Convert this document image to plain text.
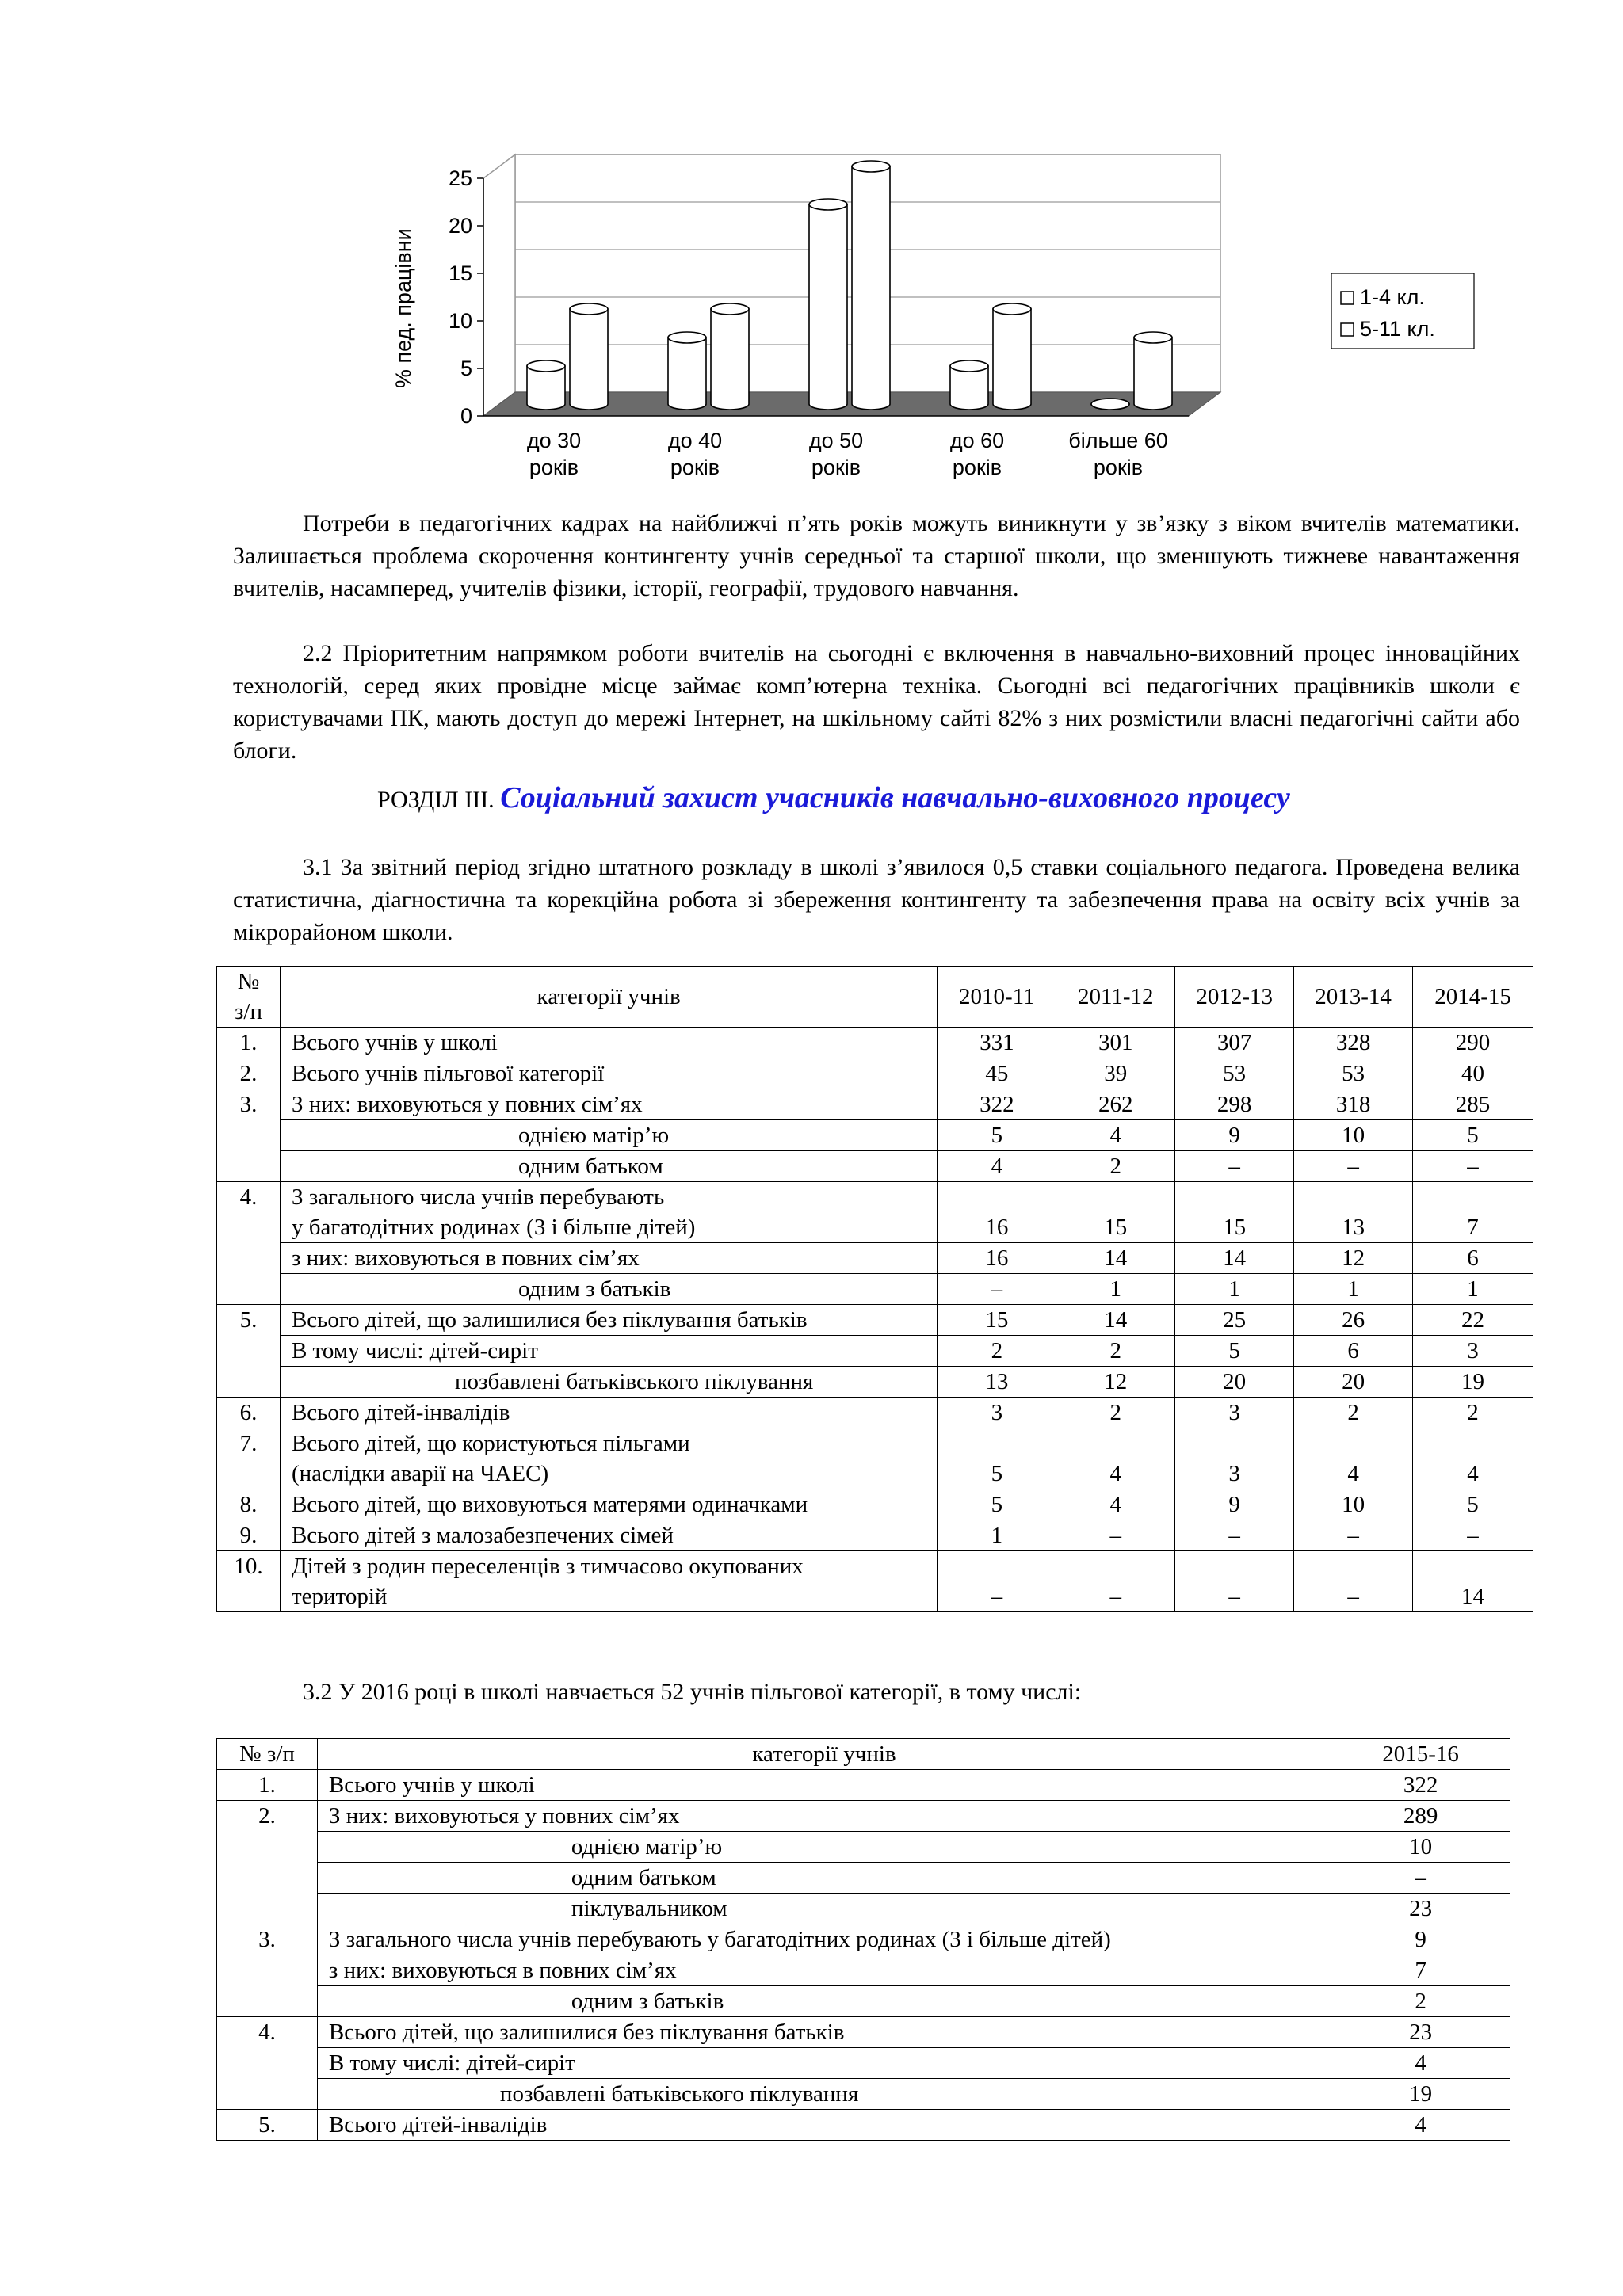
0
5
10
15
20
25
до 30
років
до 40
років
до 50
років
до 60
років
більше 60
років
% пед. працівни	1-4 кл.
5-11 кл.

Потреби в педагогічних кадрах на найближчі п’ять років можуть виникнути у зв’язку з віком вчителів математики. Залишається проблема скорочення контингенту учнів середньої та старшої школи, що зменшують тижневе навантаження вчителів, насамперед, учителів фізики, історії, географії, трудового навчання.

2.2 Пріоритетним напрямком роботи вчителів на сьогодні є включення в навчально-виховний процес інноваційних технологій, серед яких провідне місце займає комп’ютерна техніка. Сьогодні всі педагогічних працівників школи є користувачами ПК, мають доступ до мережі Інтернет, на шкільному сайті 82% з них розмістили власні педагогічні сайти або блоги.

РОЗДІЛ ІІІ. Соціальний захист учасників навчально-виховного процесу

3.1 За звітний період згідно штатного розкладу в школі з’явилося 0,5 ставки соціального педагога. Проведена велика статистична, діагностична та корекційна робота зі збереження контингенту та забезпечення права на освіту всіх учнів за мікрорайоном школи.

№
з/п	категорії учнів	2010-11	2011-12	2012-13	2013-14	2014-15
1.	Всього учнів у школі	331	301	307	328	290
2.	Всього учнів пільгової категорії	45	39	53	53	40
3.	З них: виховуються у повних сім’ях	322	262	298	318	285
	однією матір’ю	5	4	9	10	5
	одним батьком	4	2	–	–	–
4.	З загального числа учнів перебувають
у багатодітних родинах (3 і більше дітей)	16	15	15	13	7
	з них: виховуються в повних сім’ях	16	14	14	12	6
	одним з батьків	–	1	1	1	1
5.	Всього дітей, що залишилися без піклування батьків	15	14	25	26	22
	В тому числі: дітей-сиріт	2	2	5	6	3
	позбавлені батьківського піклування	13	12	20	20	19
6.	Всього дітей-інвалідів	3	2	3	2	2
7.	Всього дітей, що користуються пільгами
(наслідки аварії на ЧАЕС)	5	4	3	4	4
8.	Всього дітей, що виховуються матерями одиначками	5	4	9	10	5
9.	Всього дітей з малозабезпечених сімей	1	–	–	–	–
10.	Дітей з родин переселенців з тимчасово окупованих
територій	–	–	–	–	14

3.2 У 2016 році в школі навчається 52 учнів пільгової категорії, в тому числі:

№ з/п	категорії учнів	2015-16
1.	Всього учнів у школі	322
2.	З них: виховуються у повних сім’ях	289
	однією матір’ю	10
	одним батьком	–
	піклувальником	23
3.	З загального числа учнів перебувають у багатодітних родинах (3 і більше дітей)	9
	з них: виховуються в повних сім’ях	7
	одним з батьків	2
4.	Всього дітей, що залишилися без піклування батьків	23
	В тому числі: дітей-сиріт	4
	позбавлені батьківського піклування	19
5.	Всього дітей-інвалідів	4
